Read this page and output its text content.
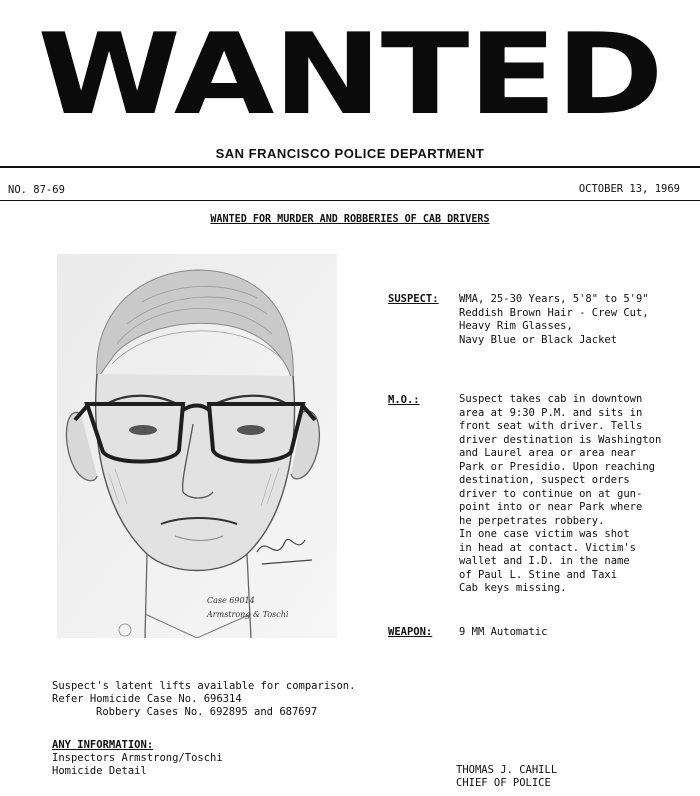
WANTED
SAN FRANCISCO POLICE DEPARTMENT
NO. 87-69	OCTOBER 13, 1969
WANTED FOR MURDER AND ROBBERIES OF CAB DRIVERS
Case 69014
Armstrong & Toschi
SUSPECT: WMA, 25-30 Years, 5'8" to 5'9"
Reddish Brown Hair - Crew Cut,
Heavy Rim Glasses,
Navy Blue or Black Jacket
M.O.:	Suspect takes cab in downtown
area at 9:30 P.M. and sits in
front seat with driver. Tells
driver destination is Washington
and Laurel area or area near
Park or Presidio. Upon reaching
destination, suspect orders
driver to continue on at gun-
point into or near Park where
he perpetrates robbery.
In one case victim was shot
in head at contact. Victim's
wallet and I.D. in the name
of Paul L. Stine and Taxi
Cab keys missing.
WEAPON:	9 MM Automatic
Suspect's latent lifts available for comparison.
Refer Homicide Case No. 696314
Robbery Cases No. 692895 and 687697
ANY INFORMATION:
Inspectors Armstrong/Toschi
Homicide Detail	THOMAS J. CAHILL
CHIEF OF POLICE
